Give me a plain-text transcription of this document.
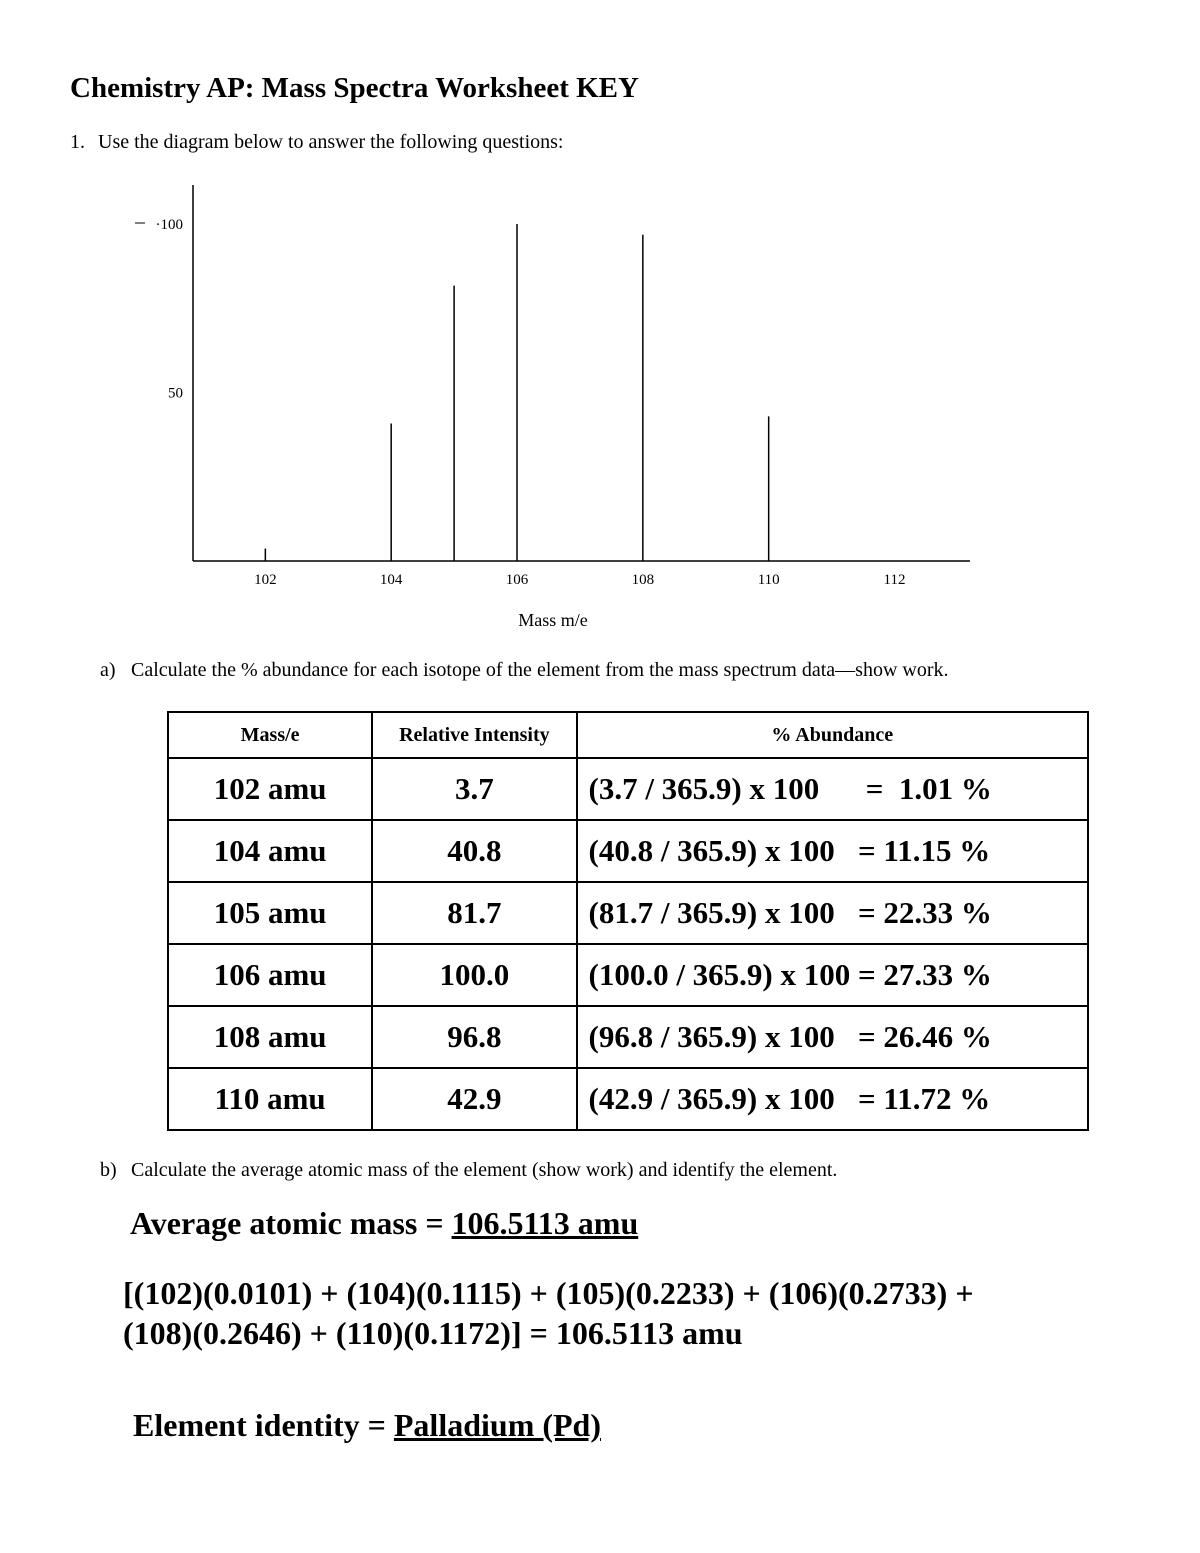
Chemistry AP: Mass Spectra Worksheet KEY
1. Use the diagram below to answer the following questions:
102	104	106	108	110	112
·100
50
Mass m/e
a) Calculate the % abundance for each isotope of the element from the mass spectrum data—show work.
Mass/e	Relative Intensity	% Abundance
102 amu	3.7	(3.7 / 365.9) x 100      =  1.01 %
104 amu	40.8	(40.8 / 365.9) x 100   = 11.15 %
105 amu	81.7	(81.7 / 365.9) x 100   = 22.33 %
106 amu	100.0	(100.0 / 365.9) x 100 = 27.33 %
108 amu	96.8	(96.8 / 365.9) x 100   = 26.46 %
110 amu	42.9	(42.9 / 365.9) x 100   = 11.72 %
b) Calculate the average atomic mass of the element (show work) and identify the element.
Average atomic mass = 106.5113 amu
[(102)(0.0101) + (104)(0.1115) + (105)(0.2233) + (106)(0.2733) +
(108)(0.2646) + (110)(0.1172)] = 106.5113 amu
Element identity = Palladium (Pd)
